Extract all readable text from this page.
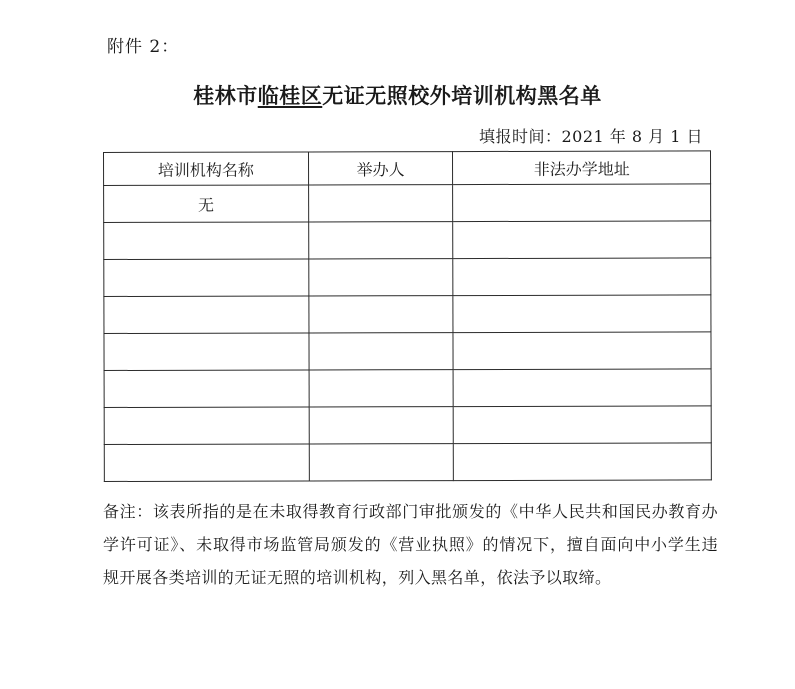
附件 2：
桂林市临桂区无证无照校外培训机构黑名单
填报时间：2021 年 8 月 1 日
培训机构名称	举办人	非法办学地址
无		

备注：该表所指的是在未取得教育行政部门审批颁发的《中华人民共和国民办教育办学许可证》、未取得市场监管局颁发的《营业执照》的情况下，擅自面向中小学生违规开展各类培训的无证无照的培训机构，列入黑名单，依法予以取缔。
